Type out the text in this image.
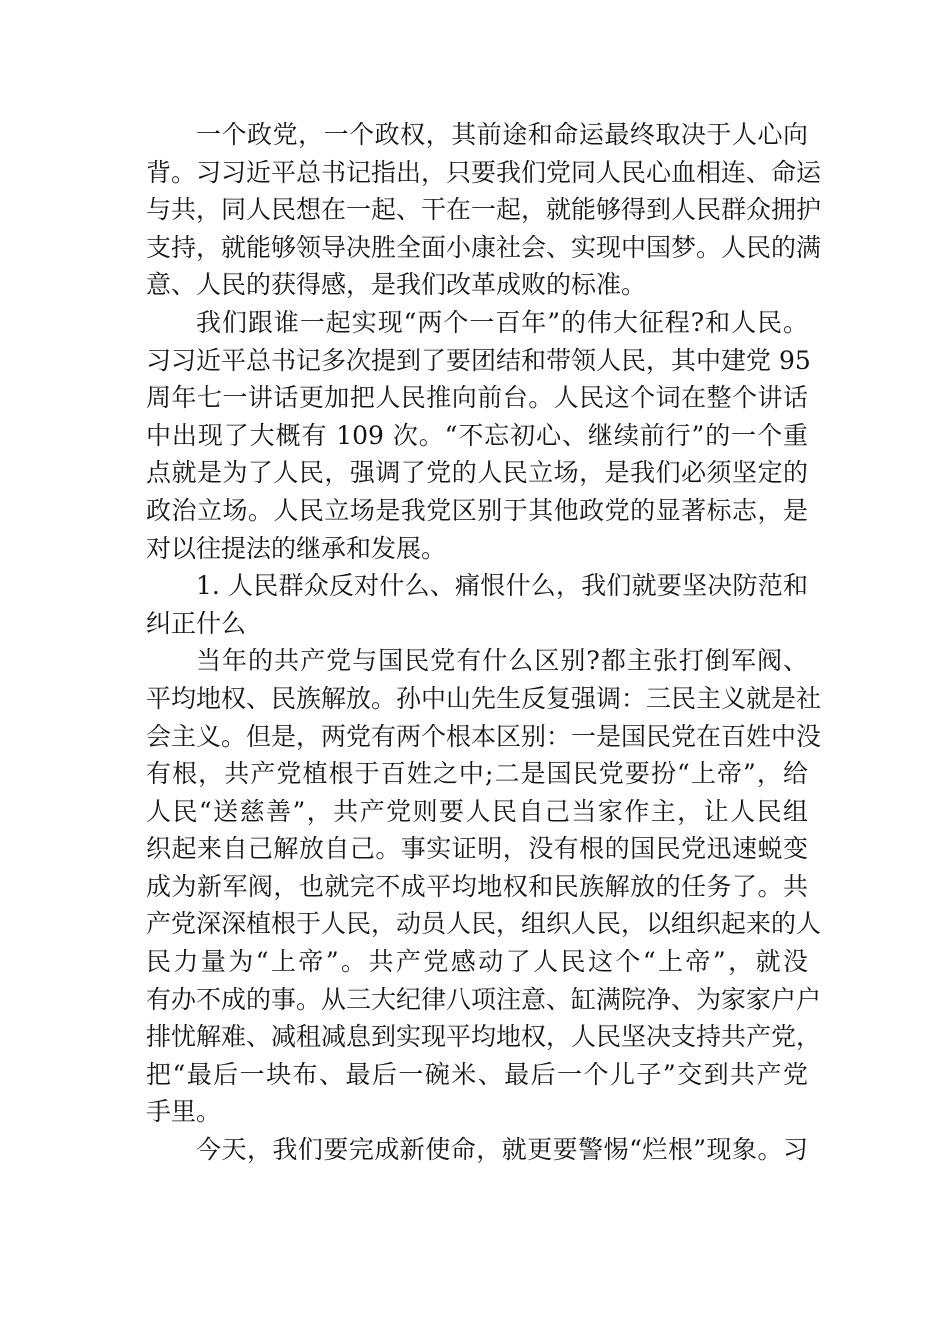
一个政党，一个政权，其前途和命运最终取决于人心向
背。习习近平总书记指出，只要我们党同人民心血相连、命运
与共，同人民想在一起、干在一起，就能够得到人民群众拥护
支持，就能够领导决胜全面小康社会、实现中国梦。人民的满
意、人民的获得感，是我们改革成败的标准。
我们跟谁一起实现“两个一百年”的伟大征程?和人民。
习习近平总书记多次提到了要团结和带领人民，其中建党 95
周年七一讲话更加把人民推向前台。人民这个词在整个讲话
中出现了大概有 109 次。“不忘初心、继续前行”的一个重
点就是为了人民，强调了党的人民立场，是我们必须坚定的
政治立场。人民立场是我党区别于其他政党的显著标志，是
对以往提法的继承和发展。
1. 人民群众反对什么、痛恨什么，我们就要坚决防范和
纠正什么
当年的共产党与国民党有什么区别?都主张打倒军阀、
平均地权、民族解放。孙中山先生反复强调：三民主义就是社
会主义。但是，两党有两个根本区别：一是国民党在百姓中没
有根，共产党植根于百姓之中;二是国民党要扮“上帝”，给
人民“送慈善”，共产党则要人民自己当家作主，让人民组
织起来自己解放自己。事实证明，没有根的国民党迅速蜕变
成为新军阀，也就完不成平均地权和民族解放的任务了。共
产党深深植根于人民，动员人民，组织人民，以组织起来的人
民力量为“上帝”。共产党感动了人民这个“上帝”，就没
有办不成的事。从三大纪律八项注意、缸满院净、为家家户户
排忧解难、减租减息到实现平均地权，人民坚决支持共产党，
把“最后一块布、最后一碗米、最后一个儿子”交到共产党
手里。
今天，我们要完成新使命，就更要警惕“烂根”现象。习
